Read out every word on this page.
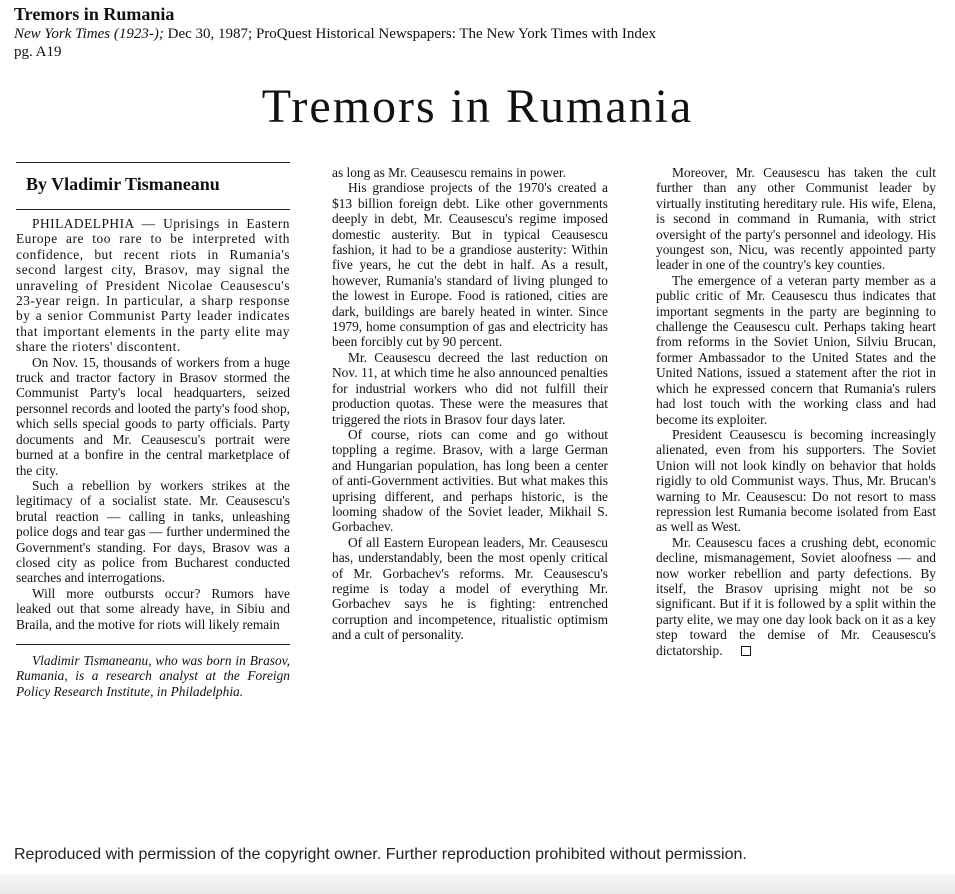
Tremors in Rumania
New York Times (1923-); Dec 30, 1987; ProQuest Historical Newspapers: The New York Times with Index
pg. A19
Tremors in Rumania
By Vladimir Tismaneanu

PHILADELPHIA — Uprisings in Eastern Europe are too rare to be interpreted with confidence, but recent riots in Rumania's second largest city, Brasov, may signal the unraveling of President Nicolae Ceausescu's 23-year reign. In particular, a sharp response by a senior Communist Party leader indicates that important elements in the party elite may share the rioters' discontent.

On Nov. 15, thousands of workers from a huge truck and tractor factory in Brasov stormed the Communist Party's local headquarters, seized personnel records and looted the party's food shop, which sells special goods to party officials. Party documents and Mr. Ceausescu's portrait were burned at a bonfire in the central marketplace of the city.

Such a rebellion by workers strikes at the legitimacy of a socialist state. Mr. Ceausescu's brutal reaction — calling in tanks, unleashing police dogs and tear gas — further undermined the Government's standing. For days, Brasov was a closed city as police from Bucharest conducted searches and interrogations.

Will more outbursts occur? Rumors have leaked out that some already have, in Sibiu and Braila, and the motive for riots will likely remain

Vladimir Tismaneanu, who was born in Brasov, Rumania, is a research analyst at the Foreign Policy Research Institute, in Philadelphia.

as long as Mr. Ceausescu remains in power.

His grandiose projects of the 1970's created a $13 billion foreign debt. Like other governments deeply in debt, Mr. Ceausescu's regime imposed domestic austerity. But in typical Ceausescu fashion, it had to be a grandiose austerity: Within five years, he cut the debt in half. As a result, however, Rumania's standard of living plunged to the lowest in Europe. Food is rationed, cities are dark, buildings are barely heated in winter. Since 1979, home consumption of gas and electricity has been forcibly cut by 90 percent.

Mr. Ceausescu decreed the last reduction on Nov. 11, at which time he also announced penalties for industrial workers who did not fulfill their production quotas. These were the measures that triggered the riots in Brasov four days later.

Of course, riots can come and go without toppling a regime. Brasov, with a large German and Hungarian population, has long been a center of anti-Government activities. But what makes this uprising different, and perhaps historic, is the looming shadow of the Soviet leader, Mikhail S. Gorbachev.

Of all Eastern European leaders, Mr. Ceausescu has, understandably, been the most openly critical of Mr. Gorbachev's reforms. Mr. Ceausescu's regime is today a model of everything Mr. Gorbachev says he is fighting: entrenched corruption and incompetence, ritualistic optimism and a cult of personality.

Moreover, Mr. Ceausescu has taken the cult further than any other Communist leader by virtually instituting hereditary rule. His wife, Elena, is second in command in Rumania, with strict oversight of the party's personnel and ideology. His youngest son, Nicu, was recently appointed party leader in one of the country's key counties.

The emergence of a veteran party member as a public critic of Mr. Ceausescu thus indicates that important segments in the party are beginning to challenge the Ceausescu cult. Perhaps taking heart from reforms in the Soviet Union, Silviu Brucan, former Ambassador to the United States and the United Nations, issued a statement after the riot in which he expressed concern that Rumania's rulers had lost touch with the working class and had become its exploiter.

President Ceausescu is becoming increasingly alienated, even from his supporters. The Soviet Union will not look kindly on behavior that holds rigidly to old Communist ways. Thus, Mr. Brucan's warning to Mr. Ceausescu: Do not resort to mass repression lest Rumania become isolated from East as well as West.

Mr. Ceausescu faces a crushing debt, economic decline, mismanagement, Soviet aloofness — and now worker rebellion and party defections. By itself, the Brasov uprising might not be so significant. But if it is followed by a split within the party elite, we may one day look back on it as a key step toward the demise of Mr. Ceausescu's dictatorship.

Reproduced with permission of the copyright owner. Further reproduction prohibited without permission.
